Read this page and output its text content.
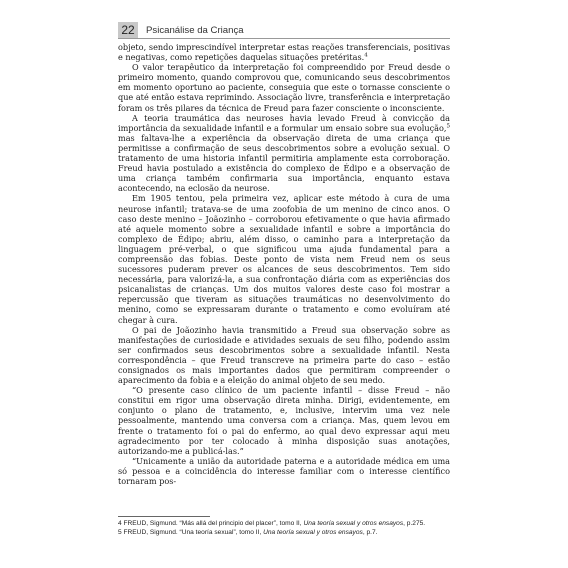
22	Psicanálise da Criança

objeto, sendo imprescindível interpretar estas reações transferenciais, positivas e negativas, como repetições daquelas situações pretéritas.$^4$

O valor terapêutico da interpretação foi compreendido por Freud desde o primeiro momento, quando comprovou que, comunicando seus descobrimentos em momento oportuno ao paciente, conseguia que este o tornasse consciente o que até então estava reprimindo. Associação livre, transferência e interpretação foram os três pilares da técnica de Freud para fazer consciente o inconsciente.

A teoria traumática das neuroses havia levado Freud à convicção da importância da sexualidade infantil e a formular um ensaio sobre sua evolução,$^5$ mas faltava-lhe a experiência da observação direta de uma criança que permitisse a confirmação de seus descobrimentos sobre a evolução sexual. O tratamento de uma historia infantil permitiria amplamente esta corroboração. Freud havia postulado a existência do complexo de Édipo e a observação de uma criança também confirmaria sua importância, enquanto estava acontecendo, na eclosão da neurose.

Em 1905 tentou, pela primeira vez, aplicar este método à cura de uma neurose infantil; tratava-se de uma zoofobia de um menino de cinco anos. O caso deste menino – Joãozinho – corroborou efetivamente o que havia afirmado até aquele momento sobre a sexualidade infantil e sobre a importância do complexo de Édipo; abriu, além disso, o caminho para a interpretação da linguagem pré-verbal, o que significou uma ajuda fundamental para a compreensão das fobias. Deste ponto de vista nem Freud nem os seus sucessores puderam prever os alcances de seus descobrimentos. Tem sido necessária, para valorizá-la, a sua confrontação diária com as experiências dos psicanalistas de crianças. Um dos muitos valores deste caso foi mostrar a repercussão que tiveram as situações traumáticas no desenvolvimento do menino, como se expressaram durante o tratamento e como evoluíram até chegar à cura.

O pai de Joãozinho havia transmitido a Freud sua observação sobre as manifestações de curiosidade e atividades sexuais de seu filho, podendo assim ser confirmados seus descobrimentos sobre a sexualidade infantil. Nesta correspondência – que Freud transcreve na primeira parte do caso – estão consignados os mais importantes dados que permitiram compreender o aparecimento da fobia e a eleição do animal objeto de seu medo.

“O presente caso clínico de um paciente infantil – disse Freud – não constitui em rigor uma observação direta minha. Dirigi, evidentemente, em conjunto o plano de tratamento, e, inclusive, intervim uma vez nele pessoalmente, mantendo uma conversa com a criança. Mas, quem levou em frente o tratamento foi o pai do enfermo, ao qual devo expressar aqui meu agradecimento por ter colocado à minha disposição suas anotações, autorizando-me a publicá-las.”

“Unicamente a união da autoridade paterna e a autoridade médica em uma só pessoa e a coincidência do interesse familiar com o interesse científico tornaram pos-

4 FREUD, Sigmund. “Más allá del principio del placer”, tomo II, Una teoría sexual y otros ensayos, p.275.
5 FREUD, Sigmund. “Una teoría sexual”, tomo II, Una teoría sexual y otros ensayos, p.7.
